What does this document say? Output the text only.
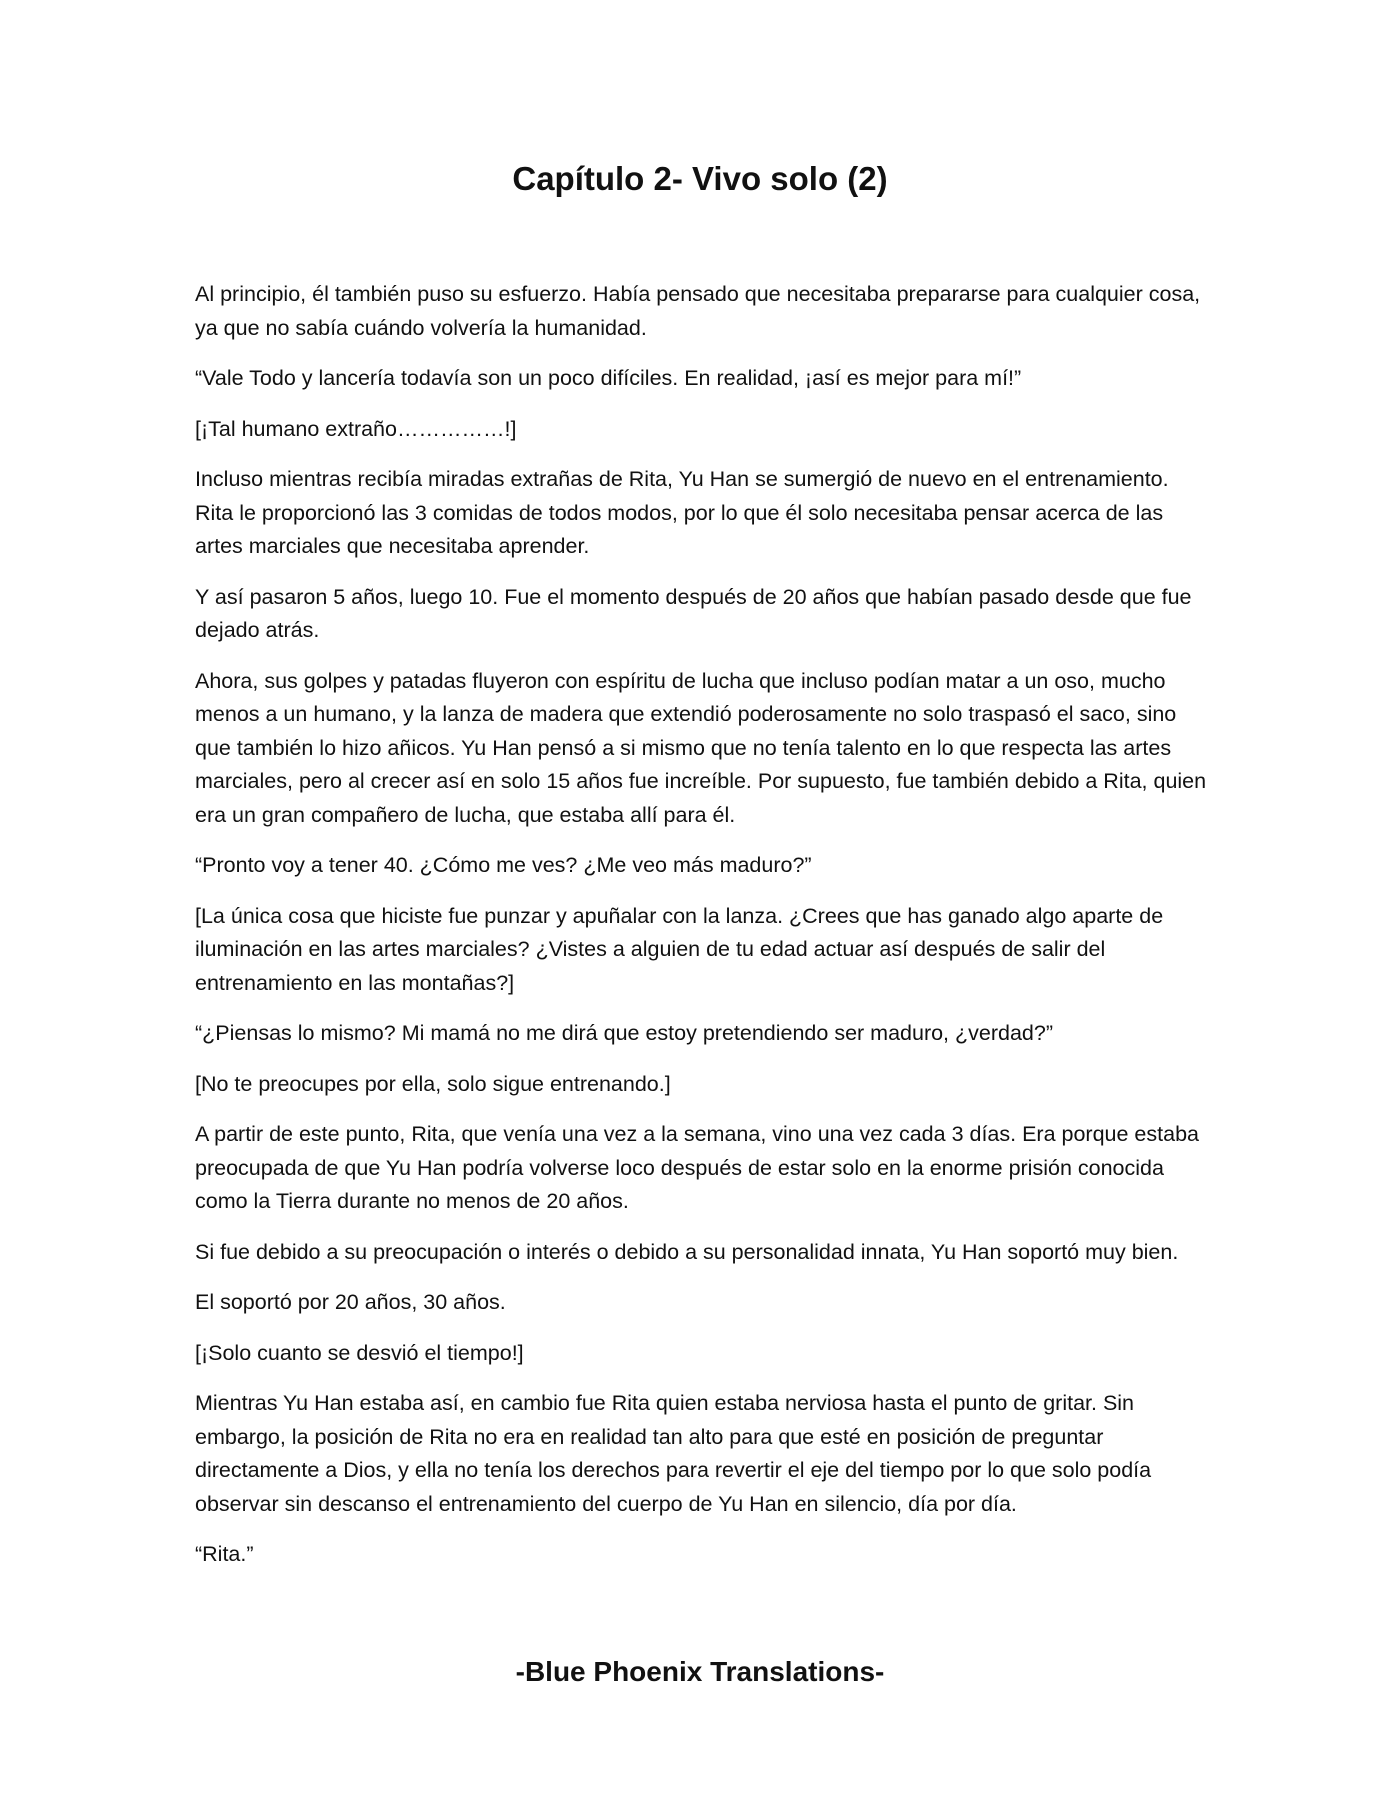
Capítulo 2- Vivo solo (2)

Al principio, él también puso su esfuerzo. Había pensado que necesitaba prepararse para cualquier cosa, ya que no sabía cuándo volvería la humanidad.

“Vale Todo y lancería todavía son un poco difíciles. En realidad, ¡así es mejor para mí!”

[¡Tal humano extraño……………!]

Incluso mientras recibía miradas extrañas de Rita, Yu Han se sumergió de nuevo en el entrenamiento. Rita le proporcionó las 3 comidas de todos modos, por lo que él solo necesitaba pensar acerca de las artes marciales que necesitaba aprender.

Y así pasaron 5 años, luego 10. Fue el momento después de 20 años que habían pasado desde que fue dejado atrás.

Ahora, sus golpes y patadas fluyeron con espíritu de lucha que incluso podían matar a un oso, mucho menos a un humano, y la lanza de madera que extendió poderosamente no solo traspasó el saco, sino que también lo hizo añicos. Yu Han pensó a si mismo que no tenía talento en lo que respecta las artes marciales, pero al crecer así en solo 15 años fue increíble. Por supuesto, fue también debido a Rita, quien era un gran compañero de lucha, que estaba allí para él.

“Pronto voy a tener 40. ¿Cómo me ves? ¿Me veo más maduro?”

[La única cosa que hiciste fue punzar y apuñalar con la lanza. ¿Crees que has ganado algo aparte de iluminación en las artes marciales? ¿Vistes a alguien de tu edad actuar así después de salir del entrenamiento en las montañas?]

“¿Piensas lo mismo? Mi mamá no me dirá que estoy pretendiendo ser maduro, ¿verdad?”

[No te preocupes por ella, solo sigue entrenando.]

A partir de este punto, Rita, que venía una vez a la semana, vino una vez cada 3 días. Era porque estaba preocupada de que Yu Han podría volverse loco después de estar solo en la enorme prisión conocida como la Tierra durante no menos de 20 años.

Si fue debido a su preocupación o interés o debido a su personalidad innata, Yu Han soportó muy bien.

El soportó por 20 años, 30 años.

[¡Solo cuanto se desvió el tiempo!]

Mientras Yu Han estaba así, en cambio fue Rita quien estaba nerviosa hasta el punto de gritar. Sin embargo, la posición de Rita no era en realidad tan alto para que esté en posición de preguntar directamente a Dios, y ella no tenía los derechos para revertir el eje del tiempo por lo que solo podía observar sin descanso el entrenamiento del cuerpo de Yu Han en silencio, día por día.

“Rita.”

-Blue Phoenix Translations-
